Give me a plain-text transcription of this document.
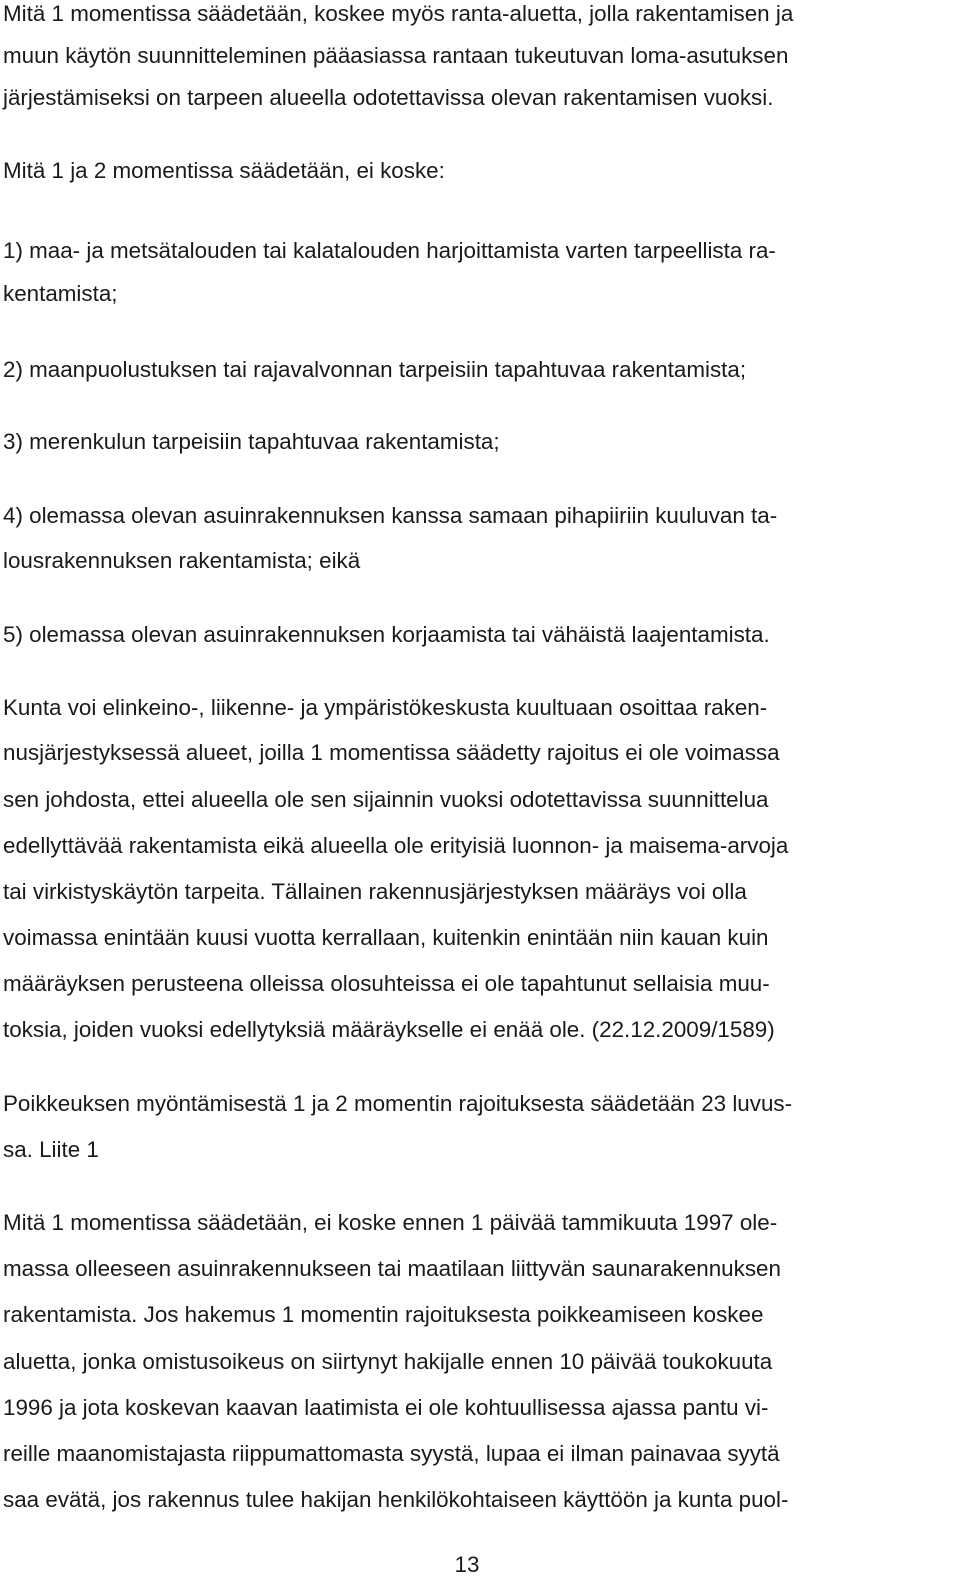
Mitä 1 momentissa säädetään, koskee myös ranta-aluetta, jolla rakentamisen ja

muun käytön suunnitteleminen pääasiassa rantaan tukeutuvan loma-asutuksen

järjestämiseksi on tarpeen alueella odotettavissa olevan rakentamisen vuoksi.

Mitä 1 ja 2 momentissa säädetään, ei koske:

1) maa- ja metsätalouden tai kalatalouden harjoittamista varten tarpeellista ra-

kentamista;

2) maanpuolustuksen tai rajavalvonnan tarpeisiin tapahtuvaa rakentamista;

3) merenkulun tarpeisiin tapahtuvaa rakentamista;

4) olemassa olevan asuinrakennuksen kanssa samaan pihapiiriin kuuluvan ta-

lousrakennuksen rakentamista; eikä

5) olemassa olevan asuinrakennuksen korjaamista tai vähäistä laajentamista.

Kunta voi elinkeino-, liikenne- ja ympäristökeskusta kuultuaan osoittaa raken-

nusjärjestyksessä alueet, joilla 1 momentissa säädetty rajoitus ei ole voimassa

sen johdosta, ettei alueella ole sen sijainnin vuoksi odotettavissa suunnittelua

edellyttävää rakentamista eikä alueella ole erityisiä luonnon- ja maisema-arvoja

tai virkistyskäytön tarpeita. Tällainen rakennusjärjestyksen määräys voi olla

voimassa enintään kuusi vuotta kerrallaan, kuitenkin enintään niin kauan kuin

määräyksen perusteena olleissa olosuhteissa ei ole tapahtunut sellaisia muu-

toksia, joiden vuoksi edellytyksiä määräykselle ei enää ole. (22.12.2009/1589)

Poikkeuksen myöntämisestä 1 ja 2 momentin rajoituksesta säädetään 23 luvus-

sa. Liite 1

Mitä 1 momentissa säädetään, ei koske ennen 1 päivää tammikuuta 1997 ole-

massa olleeseen asuinrakennukseen tai maatilaan liittyvän saunarakennuksen

rakentamista. Jos hakemus 1 momentin rajoituksesta poikkeamiseen koskee

aluetta, jonka omistusoikeus on siirtynyt hakijalle ennen 10 päivää toukokuuta

1996 ja jota koskevan kaavan laatimista ei ole kohtuullisessa ajassa pantu vi-

reille maanomistajasta riippumattomasta syystä, lupaa ei ilman painavaa syytä

saa evätä, jos rakennus tulee hakijan henkilökohtaiseen käyttöön ja kunta puol-

13
